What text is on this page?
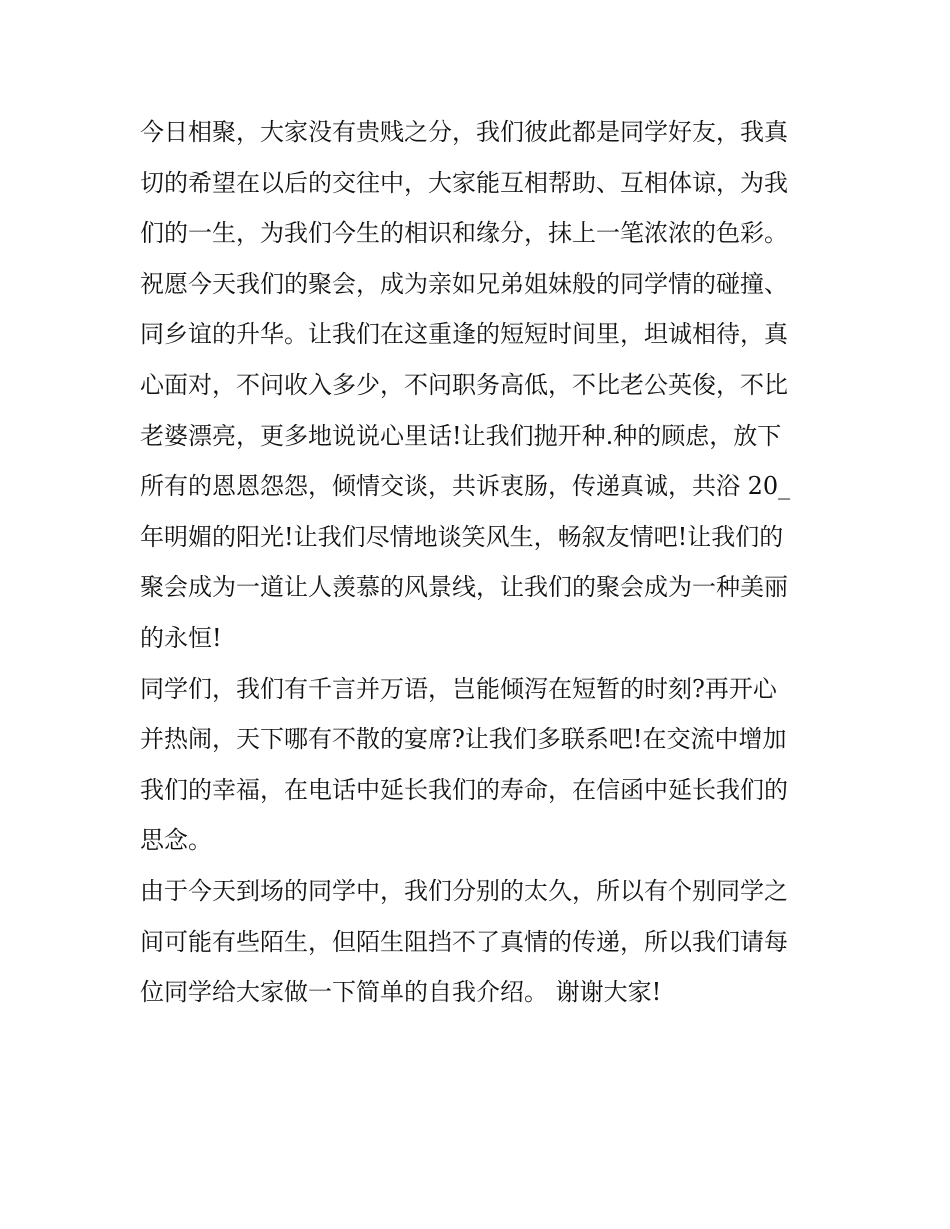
今日相聚，大家没有贵贱之分，我们彼此都是同学好友，我真
切的希望在以后的交往中，大家能互相帮助、互相体谅，为我
们的一生，为我们今生的相识和缘分，抹上一笔浓浓的色彩。
祝愿今天我们的聚会，成为亲如兄弟姐妹般的同学情的碰撞、
同乡谊的升华。让我们在这重逢的短短时间里，坦诚相待，真
心面对，不问收入多少，不问职务高低，不比老公英俊，不比
老婆漂亮，更多地说说心里话!让我们抛开种.种的顾虑，放下
所有的恩恩怨怨，倾情交谈，共诉衷肠，传递真诚，共浴 20_
年明媚的阳光!让我们尽情地谈笑风生，畅叙友情吧!让我们的
聚会成为一道让人羡慕的风景线，让我们的聚会成为一种美丽
的永恒!
同学们，我们有千言并万语，岂能倾泻在短暂的时刻?再开心
并热闹，天下哪有不散的宴席?让我们多联系吧!在交流中增加
我们的幸福，在电话中延长我们的寿命，在信函中延长我们的
思念。
由于今天到场的同学中，我们分别的太久，所以有个别同学之
间可能有些陌生，但陌生阻挡不了真情的传递，所以我们请每
位同学给大家做一下简单的自我介绍。 谢谢大家!
